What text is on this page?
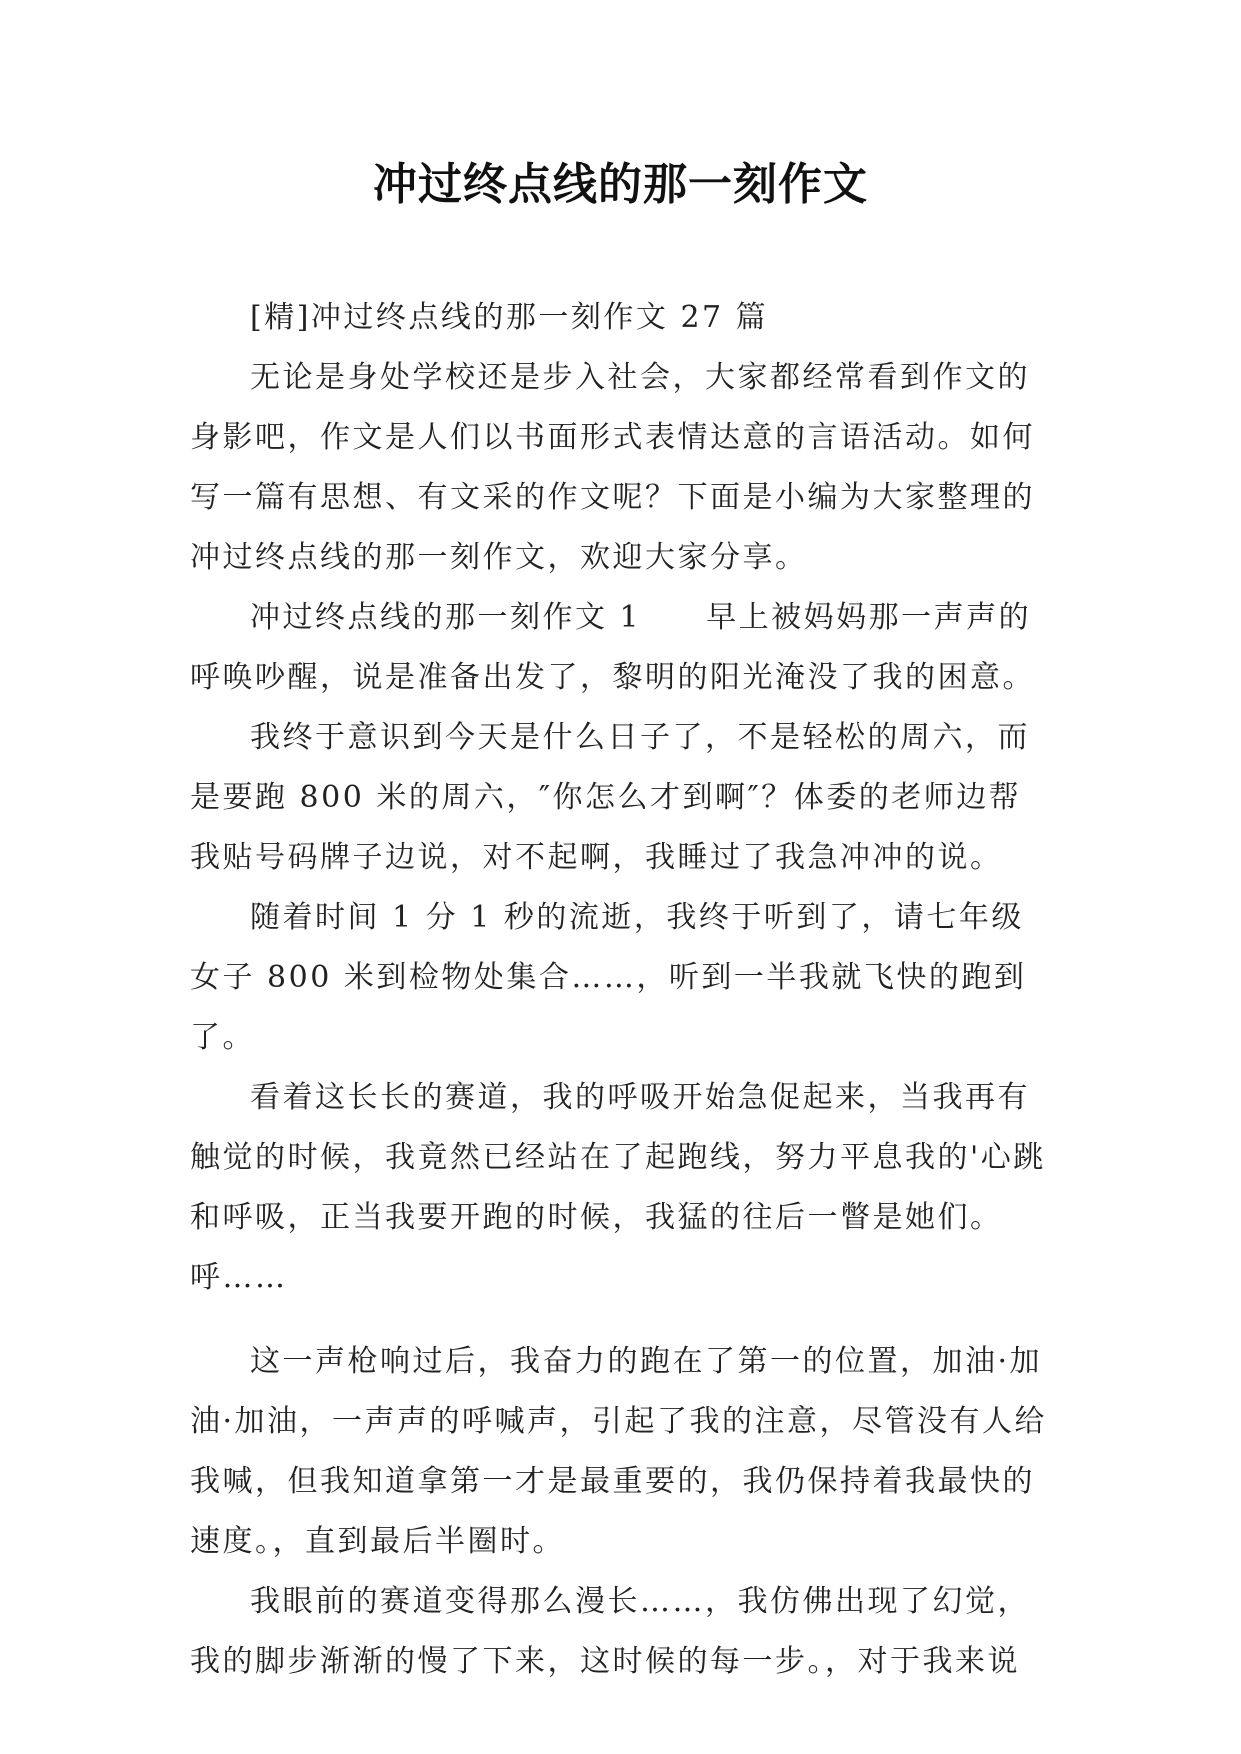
冲过终点线的那一刻作文

[精]冲过终点线的那一刻作文 27 篇

无论是身处学校还是步入社会，大家都经常看到作文的身影吧，作文是人们以书面形式表情达意的言语活动。如何写一篇有思想、有文采的作文呢？下面是小编为大家整理的冲过终点线的那一刻作文，欢迎大家分享。

冲过终点线的那一刻作文 1　　早上被妈妈那一声声的呼唤吵醒，说是准备出发了，黎明的阳光淹没了我的困意。

我终于意识到今天是什么日子了，不是轻松的周六，而是要跑 800 米的周六，″你怎么才到啊″？体委的老师边帮我贴号码牌子边说，对不起啊，我睡过了我急冲冲的说。

随着时间 1 分 1 秒的流逝，我终于听到了，请七年级女子 800 米到检物处集合……，听到一半我就飞快的跑到了。

看着这长长的赛道，我的呼吸开始急促起来，当我再有触觉的时候，我竟然已经站在了起跑线，努力平息我的'心跳和呼吸，正当我要开跑的时候，我猛的往后一瞥是她们。呼……

这一声枪响过后，我奋力的跑在了第一的位置，加油·加油·加油，一声声的呼喊声，引起了我的注意，尽管没有人给我喊，但我知道拿第一才是最重要的，我仍保持着我最快的速度。，直到最后半圈时。

我眼前的赛道变得那么漫长……，我仿佛出现了幻觉，我的脚步渐渐的慢了下来，这时候的每一步。，对于我来说
